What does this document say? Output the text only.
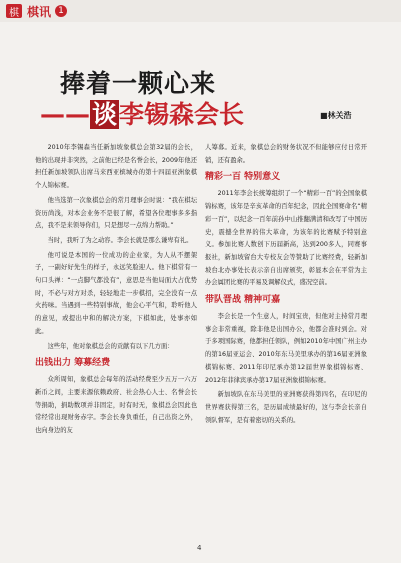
棋 棋讯 1
捧着一颗心来
——谈李锡森会长	■林关浩

2010年李锡森当任新加坡象棋总会第32届的会长，他的出现并非突然，之前他已经是名誉会长，2009年他还担任新加坡领队出席马来西亚槟城办的第十四届亚洲象棋个人锦标赛。

他当选第一次象棋总会的常月理事会时说：“我在棋坛资历尚浅，对本会业务不是很了解，希望各位理事多多指点，我不是来领导你们，只是想尽一点绵力帮助。”

当时，我听了为之动容。李会长就是那么谦卑有礼。

他可说是本国的一位成功的企业家，为人从不摆架子，一副好好先生的样子，永远笑脸迎人。他下棋常有一句口头禅：“一点脚气都没有”，意思是当他局面大占优势时，不必与对方对杀，轻轻地走一步棋招，完全没有一点火药味。当遇到一些特别事故，他会心平气和，聆听他人的意见，或提出中和的解决方案，下棋如此，处事亦如此。

这些年，他对象棋总会的贡献有以下几方面：

出钱出力 筹募经费

众所周知，象棋总会每年的活动经费至少五万一六万新币之间，主要来源依赖政府、社会热心人士、名誉会长等捐助，捐助数项并非固定，时有时无，象棋总会因此也常经常出现财务赤字。李会长身负重任，自己出资之外，也向身边的友

人筹募。近来，象棋总会的财务状况不但能够应付日常开销，还有盈余。

精彩一百 特别意义

2011年李会长统筹组织了一个“精彩一百”的全国象棋锦标赛，该年是辛亥革命的百年纪念，因此全国赛命名“精彩一百”，以纪念一百年前孙中山推翻满清和改写了中国历史，震撼全世界的伟大革命，为该年的比赛赋予特别意义。参加比赛人数创下历届新高，达到200多人，同赛事报社，新加坡留台大专校友会等赞助了比赛经费，轻新加坡台北办事处长表示亲自出席颁奖，彰显本会在平常为主办会属团比赛的平易及调解仪式，盛况空前。

带队晋战 精神可嘉

李会长是一个生意人，时间宝贵，但他对主持常月理事会非常重视，除非他是出国办公，他都会准时到会。对于多项国际赛，他都担任领队，例如2010年中国广州主办的第16届亚运会、2010年东马美里承办的第16届亚洲象棋锦标赛、2011年印尼承办第12届世界象棋锦标赛、2012年菲律宾承办第17届亚洲象棋锦标赛。

新加坡队在东马美里的亚洲赛获得第四名，在印尼的世界赛获得第三名，是历届成绩最好的，这与李会长亲自领队督军，是有着密切的关系的。

4
